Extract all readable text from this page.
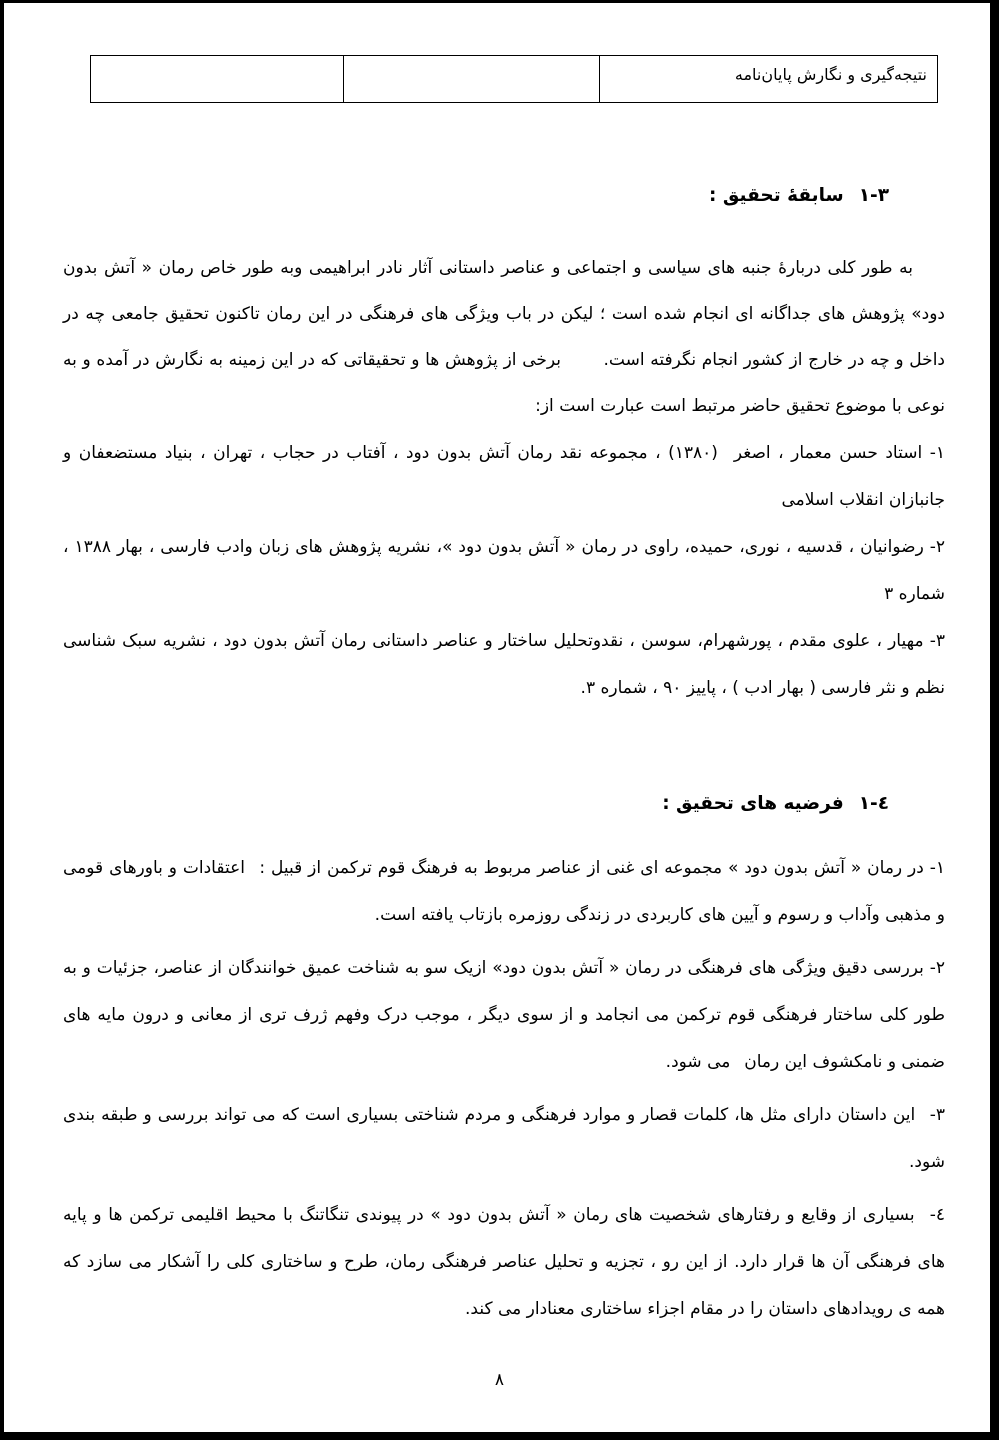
نتیجه‌گیری و نگارش پایان‌نامه
۱-۳سابقۀ تحقیق :

به طور کلی دربارۀ جنبه های سیاسی و اجتماعی و عناصر داستانی آثار نادر ابراهیمی وبه طور خاص رمان « آتش بدون دود» پژوهش های جداگانه ای انجام شده است ؛ لیکن در باب ویژگی های فرهنگی در این رمان تاکنون تحقیق جامعی چه در داخل و چه در خارج از کشور انجام نگرفته است.   برخی از پژوهش ها و تحقیقاتی که در این زمینه به نگارش در آمده و به نوعی با موضوع تحقیق حاضر مرتبط است عبارت است از:

۱- استاد حسن معمار ، اصغر  (۱۳۸۰) ، مجموعه نقد رمان آتش بدون دود ، آفتاب در حجاب ، تهران ، بنیاد مستضعفان و جانبازان انقلاب اسلامی

۲- رضوانیان ، قدسیه ، نوری، حمیده، راوی در رمان « آتش بدون دود »، نشریه پژوهش های زبان وادب فارسی ، بهار ۱۳۸۸ ، شماره ۳

۳- مهیار ، علوی مقدم ، پورشهرام، سوسن ، نقدوتحلیل ساختار و عناصر داستانی رمان آتش بدون دود ، نشریه سبک شناسی نظم و نثر فارسی ( بهار ادب ) ، پاییز ۹۰ ، شماره ۳.

۱-٤فرضیه های تحقیق :

۱- در رمان « آتش بدون دود » مجموعه ای غنی از عناصر مربوط به فرهنگ قوم ترکمن از قبیل :  اعتقادات و باورهای قومی و مذهبی وآداب و رسوم و آیین های کاربردی در زندگی روزمره بازتاب یافته است.

۲- بررسی دقیق ویژگی های فرهنگی در رمان « آتش بدون دود» ازیک سو به شناخت عمیق خوانندگان از عناصر، جزئیات و به طور کلی ساختار فرهنگی قوم ترکمن می انجامد و از سوی دیگر ، موجب درک وفهم ژرف تری از معانی و درون مایه های ضمنی و نامکشوف این رمان  می شود.

۳-  این داستان دارای مثل ها، کلمات قصار و موارد فرهنگی و مردم شناختی بسیاری است که می تواند بررسی و طبقه بندی شود.

٤-  بسیاری از وقایع و رفتارهای شخصیت های رمان « آتش بدون دود » در پیوندی تنگاتنگ با محیط اقلیمی ترکمن ها و پایه های فرهنگی آن ها قرار دارد. از این رو ، تجزیه و تحلیل عناصر فرهنگی رمان، طرح و ساختاری کلی را آشکار می سازد که همه ی رویدادهای داستان را در مقام اجزاء ساختاری معنادار می کند.

۸
